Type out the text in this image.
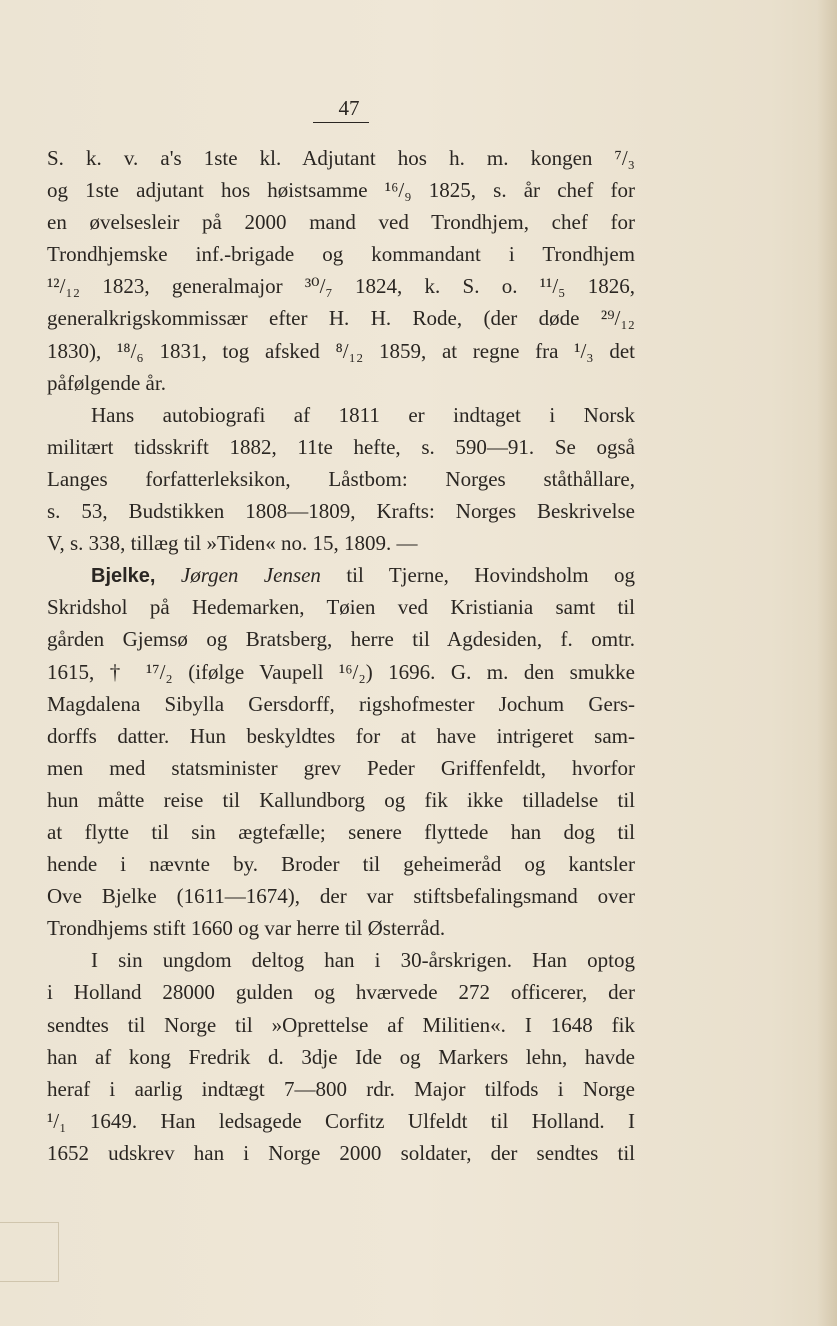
47
S. k. v. a's 1ste kl. Adjutant hos h. m. kongen ⁷/₃
og 1ste adjutant hos høistsamme ¹⁶/₉ 1825, s. år chef for
en øvelsesleir på 2000 mand ved Trondhjem, chef for
Trondhjemske inf.-brigade og kommandant i Trondhjem
¹²/₁₂ 1823, generalmajor ³⁰/₇ 1824, k. S. o. ¹¹/₅ 1826,
generalkrigskommissær efter H. H. Rode, (der døde ²⁹/₁₂
1830), ¹⁸/₆ 1831, tog afsked ⁸/₁₂ 1859, at regne fra ¹/₃ det
påfølgende år.
Hans autobiografi af 1811 er indtaget i Norsk
militært tidsskrift 1882, 11te hefte, s. 590—91. Se også
Langes forfatterleksikon, Låstbom: Norges ståthållare,
s. 53, Budstikken 1808—1809, Krafts: Norges Beskrivelse
V, s. 338, tillæg til »Tiden« no. 15, 1809. —
Bjelke, Jørgen Jensen til Tjerne, Hovindsholm og
Skridshol på Hedemarken, Tøien ved Kristiania samt til
gården Gjemsø og Bratsberg, herre til Agdesiden, f. omtr.
1615, † ¹⁷/₂ (ifølge Vaupell ¹⁶/₂) 1696. G. m. den smukke
Magdalena Sibylla Gersdorff, rigshofmester Jochum Gers-
dorffs datter. Hun beskyldtes for at have intrigeret sam-
men med statsminister grev Peder Griffenfeldt, hvorfor
hun måtte reise til Kallundborg og fik ikke tilladelse til
at flytte til sin ægtefælle; senere flyttede han dog til
hende i nævnte by. Broder til geheimeråd og kantsler
Ove Bjelke (1611—1674), der var stiftsbefalingsmand over
Trondhjems stift 1660 og var herre til Østerråd.
I sin ungdom deltog han i 30-årskrigen. Han optog
i Holland 28000 gulden og hværvede 272 officerer, der
sendtes til Norge til »Oprettelse af Militien«. I 1648 fik
han af kong Fredrik d. 3dje Ide og Markers lehn, havde
heraf i aarlig indtægt 7—800 rdr. Major tilfods i Norge
¹/₁ 1649. Han ledsagede Corfitz Ulfeldt til Holland. I
1652 udskrev han i Norge 2000 soldater, der sendtes til
